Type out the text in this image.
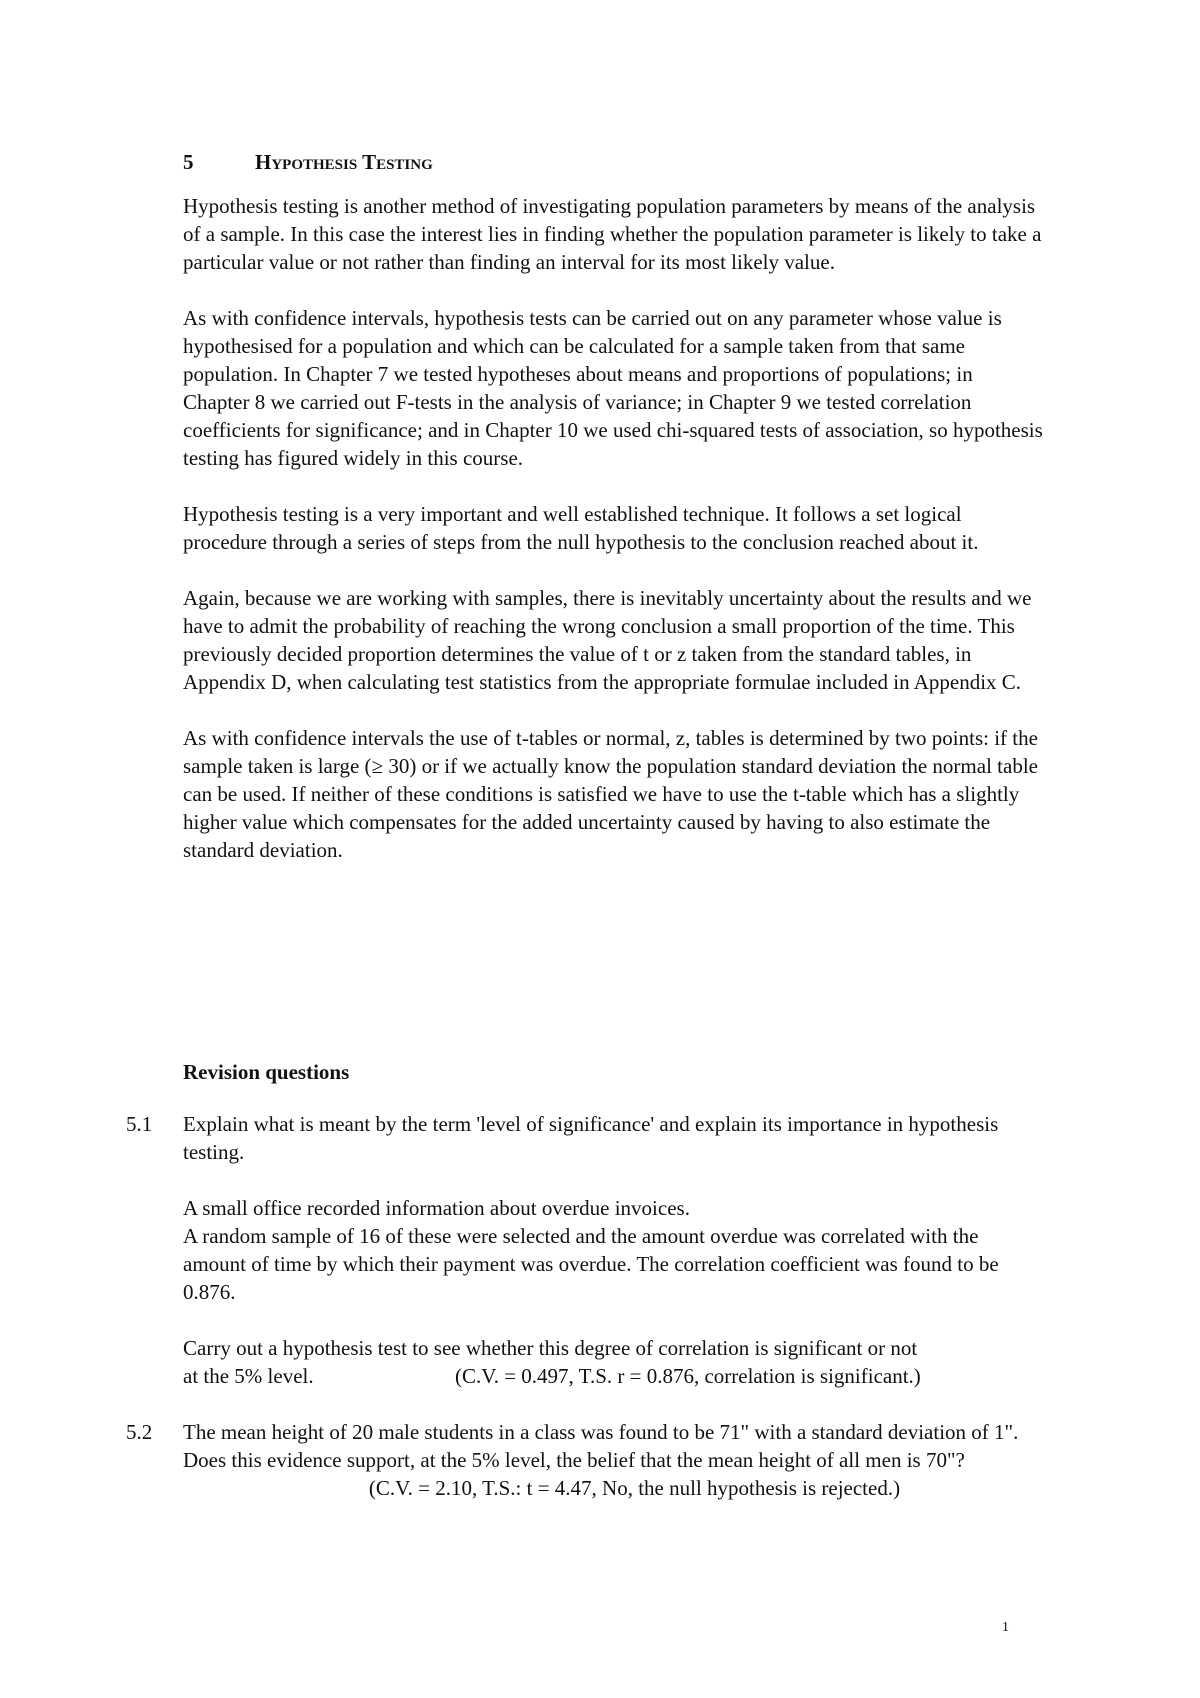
5	Hypothesis Testing

Hypothesis testing is another method of investigating population parameters by means of the analysis of a sample. In this case the interest lies in finding whether the population parameter is likely to take a particular value or not rather than finding an interval for its most likely value.

As with confidence intervals, hypothesis tests can be carried out on any parameter whose value is hypothesised for a population and which can be calculated for a sample taken from that same population. In Chapter 7 we tested hypotheses about means and proportions of populations; in Chapter 8 we carried out F-tests in the analysis of variance; in Chapter 9 we tested correlation coefficients for significance; and in Chapter 10 we used chi-squared tests of association, so hypothesis testing has figured widely in this course.

Hypothesis testing is a very important and well established technique. It follows a set logical procedure through a series of steps from the null hypothesis to the conclusion reached about it.

Again, because we are working with samples, there is inevitably uncertainty about the results and we have to admit the probability of reaching the wrong conclusion a small proportion of the time. This previously decided proportion determines the value of t or z taken from the standard tables, in Appendix D, when calculating test statistics from the appropriate formulae included in Appendix C.

As with confidence intervals the use of t-tables or normal, z, tables is determined by two points: if the sample taken is large (≥ 30) or if we actually know the population standard deviation the normal table can be used. If neither of these conditions is satisfied we have to use the t-table which has a slightly higher value which compensates for the added uncertainty caused by having to also estimate the standard deviation.

Revision questions
5.1	Explain what is meant by the term 'level of significance' and explain its importance in hypothesis testing.

A small office recorded information about overdue invoices.

A random sample of 16 of these were selected and the amount overdue was correlated with the amount of time by which their payment was overdue. The correlation coefficient was found to be 0.876.

Carry out a hypothesis test to see whether this degree of correlation is significant or not
at the 5% level.	(C.V. = 0.497, T.S. r = 0.876, correlation is significant.)
5.2	The mean height of 20 male students in a class was found to be 71" with a standard deviation of 1". Does this evidence support, at the 5% level, the belief that the mean height of all men is 70"?
(C.V. = 2.10, T.S.: t = 4.47, No, the null hypothesis is rejected.)
1
